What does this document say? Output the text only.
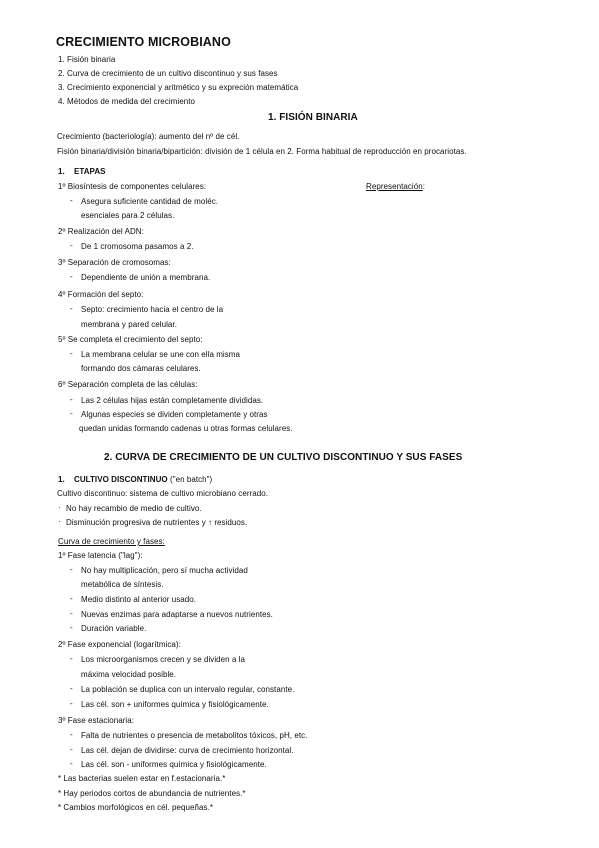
CRECIMIENTO MICROBIANO
1. Fisión binaria
2. Curva de crecimiento de un cultivo discontinuo y sus fases
3. Crecimiento exponencial y aritmético y su expreción matemática
4. Métodos de medida del crecimiento
1. FISIÓN BINARIA
Crecimiento (bacteriología): aumento del nº de cél.
Fisión binaria/división binaria/bipartición: división de 1 célula en 2. Forma habitual de reproducción en procariotas.
1. ETAPAS
1º Biosíntesis de componentes celulares:	Representación:
- Asegura suficiente cantidad de moléc.
esenciales para 2 células.
2º Realización del ADN:
- De 1 cromosoma pasamos a 2.
3º Separación de cromosomas:
- Dependiente de unión a membrana.
4º Formación del septo:
- Septo: crecimiento hacia el centro de la
membrana y pared celular.
5º Se completa el crecimiento del septo:
- La membrana celular se une con ella misma
formando dos cámaras celulares.
6º Separación completa de las células:
- Las 2 células hijas están completamente divididas.
- Algunas especies se dividen completamente y otras
quedan unidas formando cadenas u otras formas celulares.
2. CURVA DE CRECIMIENTO DE UN CULTIVO DISCONTINUO Y SUS FASES
1. CULTIVO DISCONTINUO ("en batch")
Cultivo discontinuo: sistema de cultivo microbiano cerrado.
· No hay recambio de medio de cultivo.
· Disminución progresiva de nutrientes y ↑ residuos.
Curva de crecimiento y fases:
1º Fase latencia ("lag"):
- No hay multiplicación, pero sí mucha actividad
metabólica de síntesis.
- Medio distinto al anterior usado.
- Nuevas enzimas para adaptarse a nuevos nutrientes.
- Duración variable.
2º Fase exponencial (logarítmica):
- Los microorganismos crecen y se dividen a la
máxima velocidad posible.
- La población se duplica con un intervalo regular, constante.
- Las cél. son + uniformes química y fisiológicamente.
3º Fase estacionaria:
- Falta de nutrientes o presencia de metabolitos tóxicos, pH, etc.
- Las cél. dejan de dividirse: curva de crecimiento horizontal.
- Las cél. son - uniformes química y fisiológicamente.
* Las bacterias suelen estar en f.estacionaria.*
* Hay periodos cortos de abundancia de nutrientes.*
* Cambios morfológicos en cél. pequeñas.*
